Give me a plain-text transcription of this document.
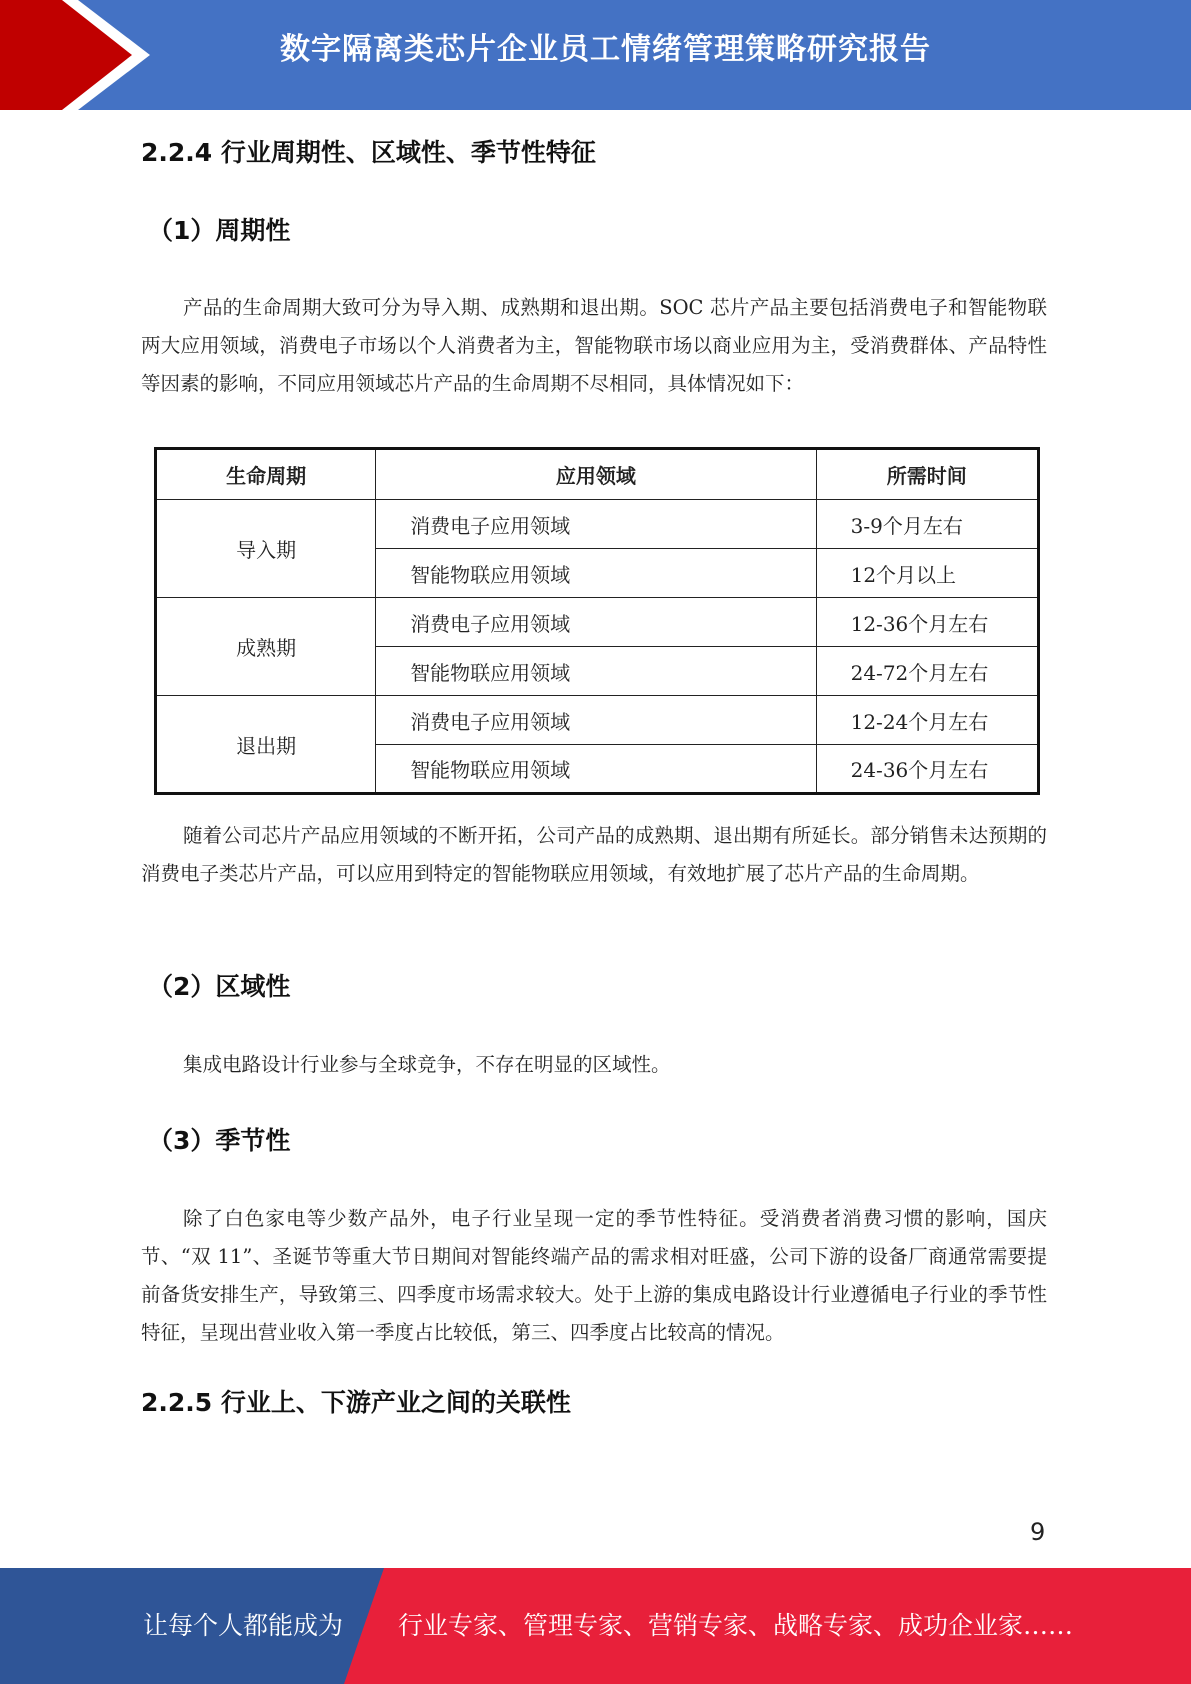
数字隔离类芯片企业员工情绪管理策略研究报告
2.2.4 行业周期性、区域性、季节性特征
（1）周期性

产品的生命周期大致可分为导入期、成熟期和退出期。SOC 芯片产品主要包括消费电子和智能物联两大应用领域，消费电子市场以个人消费者为主，智能物联市场以商业应用为主，受消费群体、产品特性等因素的影响，不同应用领域芯片产品的生命周期不尽相同，具体情况如下：

生命周期	应用领域	所需时间
导入期	消费电子应用领域	3-9个月左右
	智能物联应用领域	12个月以上
成熟期	消费电子应用领域	12-36个月左右
	智能物联应用领域	24-72个月左右
退出期	消费电子应用领域	12-24个月左右
	智能物联应用领域	24-36个月左右

随着公司芯片产品应用领域的不断开拓，公司产品的成熟期、退出期有所延长。部分销售未达预期的消费电子类芯片产品，可以应用到特定的智能物联应用领域，有效地扩展了芯片产品的生命周期。

（2）区域性

集成电路设计行业参与全球竞争，不存在明显的区域性。

（3）季节性

除了白色家电等少数产品外，电子行业呈现一定的季节性特征。受消费者消费习惯的影响，国庆节、“双 11”、圣诞节等重大节日期间对智能终端产品的需求相对旺盛，公司下游的设备厂商通常需要提前备货安排生产，导致第三、四季度市场需求较大。处于上游的集成电路设计行业遵循电子行业的季节性特征，呈现出营业收入第一季度占比较低，第三、四季度占比较高的情况。

2.2.5 行业上、下游产业之间的关联性
9
让每个人都能成为 行业专家、管理专家、营销专家、战略专家、成功企业家……
